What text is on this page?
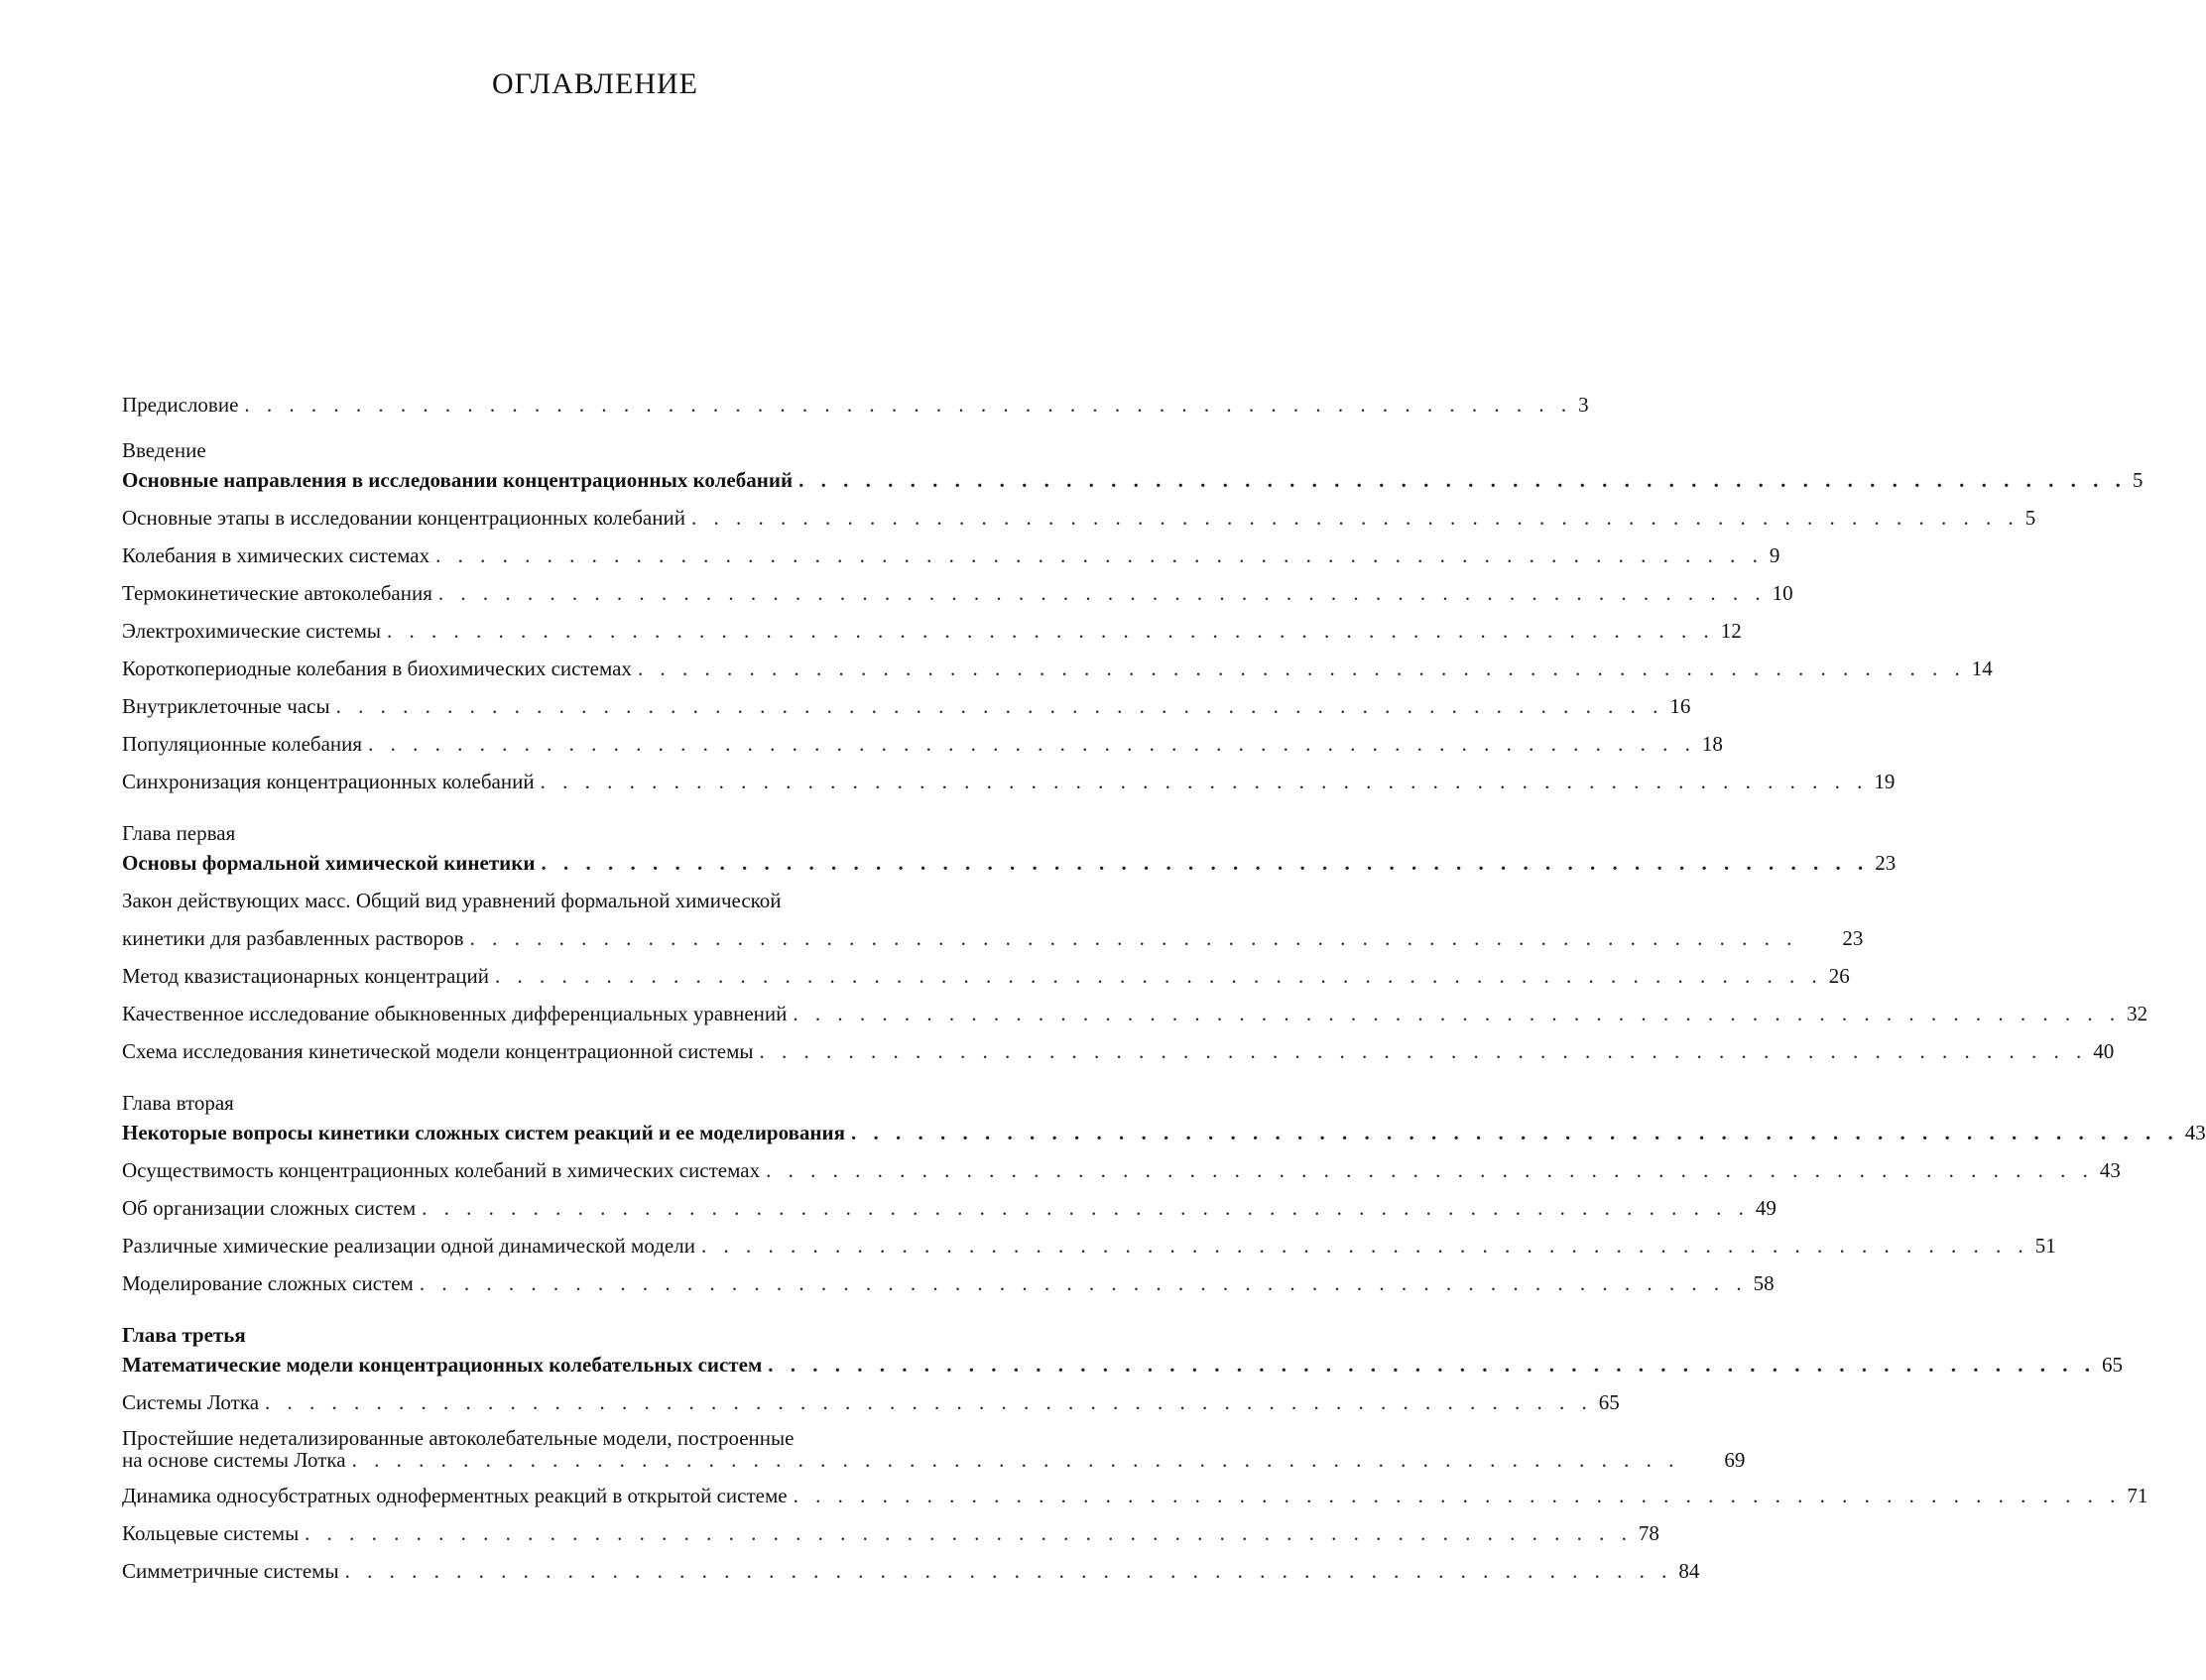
ОГЛАВЛЕНИЕ
Предисловие . . .	3
Введение
Основные направления в исследовании концентрационных колебаний . . .	5
Основные этапы в исследовании концентрационных колебаний . . .	5
Колебания в химических системах . . .	9
Термокинетические автоколебания . . .	10
Электрохимические системы . . .	12
Короткопериодные колебания в биохимических системах . . .	14
Внутриклеточные часы . . .	16
Популяционные колебания . . .	18
Синхронизация концентрационных колебаний . . .	19
Глава первая
Основы формальной химической кинетики . . .	23
Закон действующих масс. Общий вид уравнений формальной химической
кинетики для разбавленных растворов . . .	23
Метод квазистационарных концентраций . . .	26
Качественное исследование обыкновенных дифференциальных уравнений . . .	32
Схема исследования кинетической модели концентрационной системы . . .	40
Глава вторая
Некоторые вопросы кинетики сложных систем реакций и ее моделирования . . .	43
Осуществимость концентрационных колебаний в химических системах . . .	43
Об организации сложных систем . . .	49
Различные химические реализации одной динамической модели . . .	51
Моделирование сложных систем . . .	58
Глава третья
Математические модели концентрационных колебательных систем . . .	65
Системы Лотка . . .	65
Простейшие недетализированные автоколебательные модели, построенные
на основе системы Лотка . . .	69
Динамика односубстратных однoферментных реакций в открытой системе . . .	71
Кольцевые системы . . .	78
Симметричные системы . . .	84
